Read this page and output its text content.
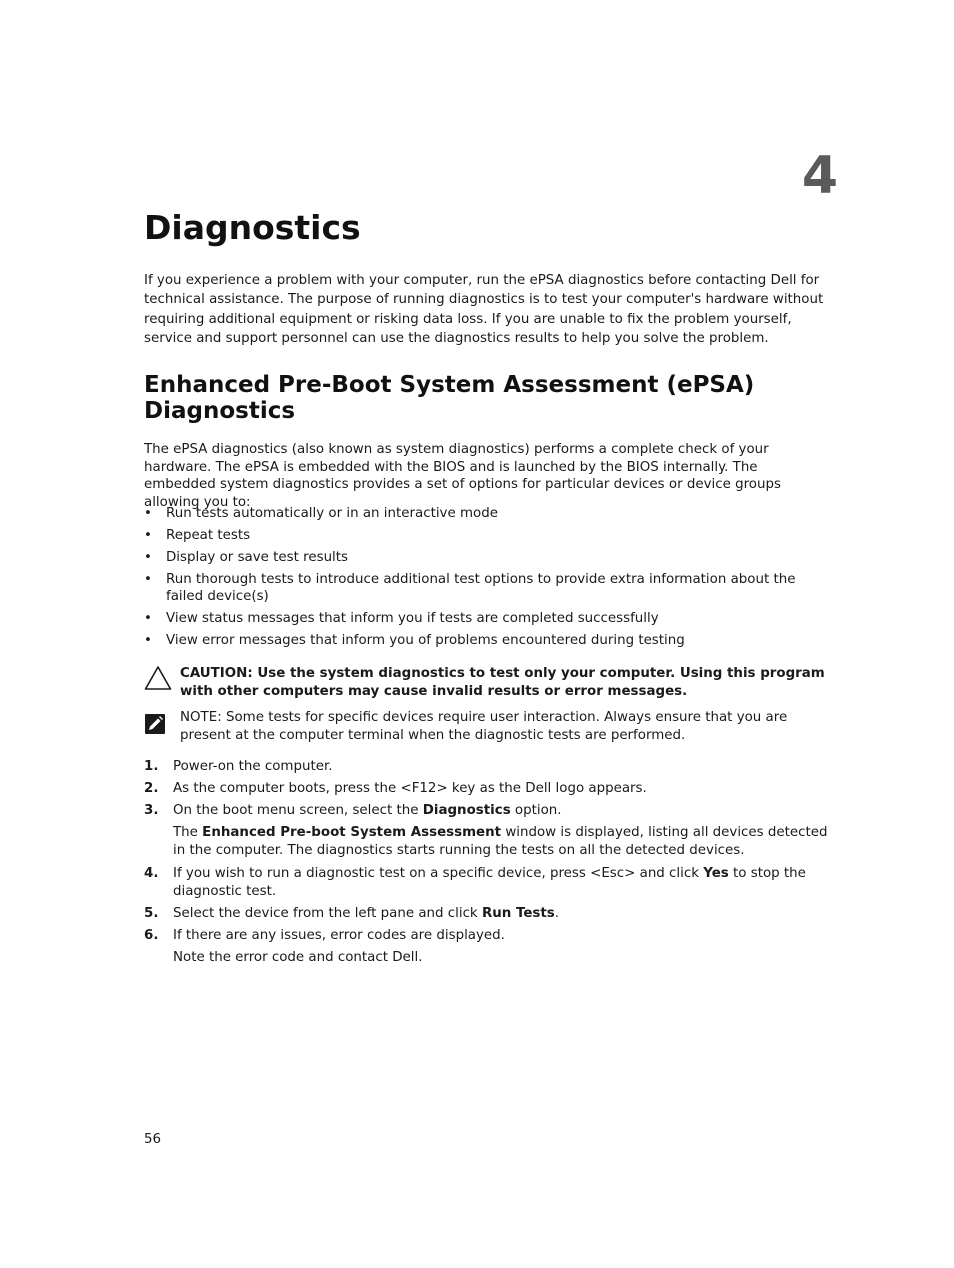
4
Diagnostics

If you experience a problem with your computer, run the ePSA diagnostics before contacting Dell for technical assistance. The purpose of running diagnostics is to test your computer's hardware without requiring additional equipment or risking data loss. If you are unable to fix the problem yourself, service and support personnel can use the diagnostics results to help you solve the problem.

Enhanced Pre-Boot System Assessment (ePSA) Diagnostics

The ePSA diagnostics (also known as system diagnostics) performs a complete check of your hardware. The ePSA is embedded with the BIOS and is launched by the BIOS internally. The embedded system diagnostics provides a set of options for particular devices or device groups allowing you to:

• Run tests automatically or in an interactive mode
• Repeat tests
• Display or save test results
• Run thorough tests to introduce additional test options to provide extra information about the failed device(s)
• View status messages that inform you if tests are completed successfully
• View error messages that inform you of problems encountered during testing
CAUTION: Use the system diagnostics to test only your computer. Using this program with other computers may cause invalid results or error messages.
NOTE: Some tests for specific devices require user interaction. Always ensure that you are present at the computer terminal when the diagnostic tests are performed.
1. Power-on the computer.
2. As the computer boots, press the <F12> key as the Dell logo appears.
3. On the boot menu screen, select the Diagnostics option.
The Enhanced Pre-boot System Assessment window is displayed, listing all devices detected in the computer. The diagnostics starts running the tests on all the detected devices.
4. If you wish to run a diagnostic test on a specific device, press <Esc> and click Yes to stop the diagnostic test.
5. Select the device from the left pane and click Run Tests.
6. If there are any issues, error codes are displayed.
Note the error code and contact Dell.
56
